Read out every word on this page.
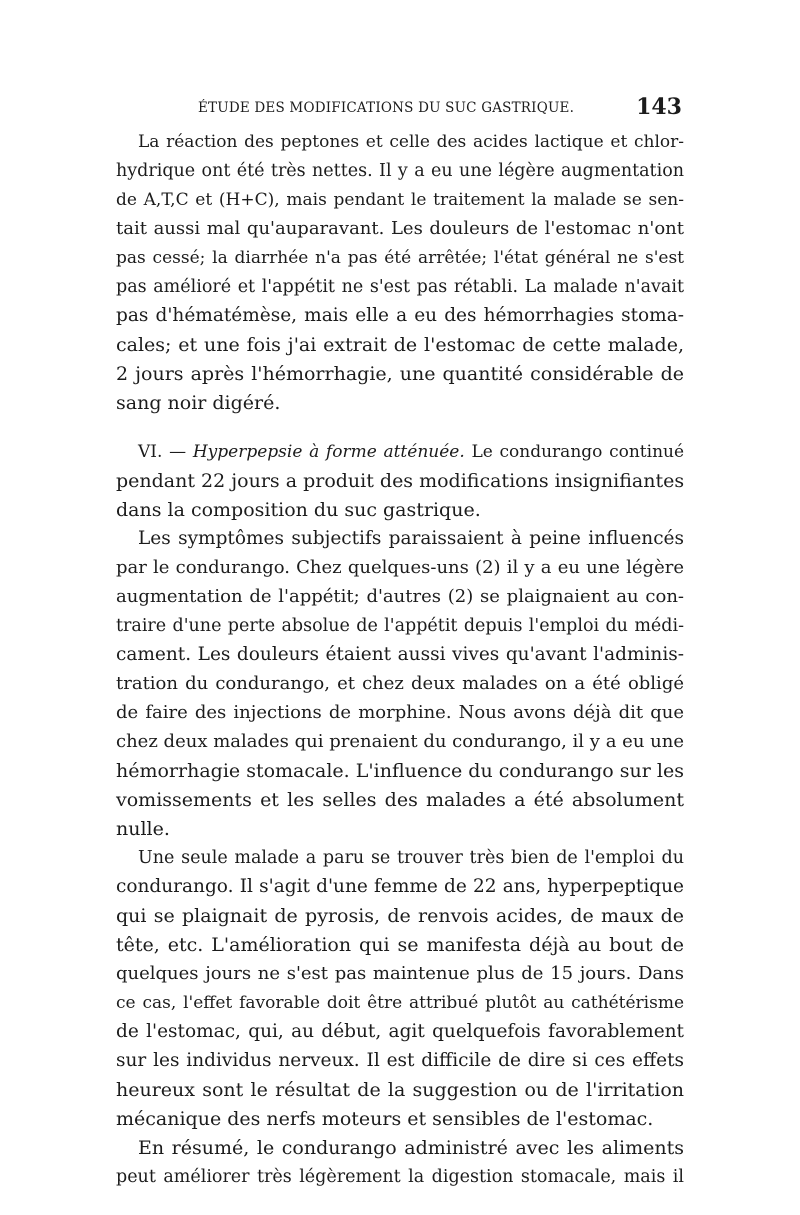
ÉTUDE DES MODIFICATIONS DU SUC GASTRIQUE.	143
La réaction des peptones et celle des acides lactique et chlor-
hydrique ont été très nettes. Il y a eu une légère augmentation
de A,T,C et (H+C), mais pendant le traitement la malade se sen-
tait aussi mal qu'auparavant. Les douleurs de l'estomac n'ont
pas cessé; la diarrhée n'a pas été arrêtée; l'état général ne s'est
pas amélioré et l'appétit ne s'est pas rétabli. La malade n'avait
pas d'hématémèse, mais elle a eu des hémorrhagies stoma-
cales; et une fois j'ai extrait de l'estomac de cette malade,
2 jours après l'hémorrhagie, une quantité considérable de
sang noir digéré.
VI. — Hyperpepsie à forme atténuée. Le condurango continué
pendant 22 jours a produit des modifications insignifiantes
dans la composition du suc gastrique.
Les symptômes subjectifs paraissaient à peine influencés
par le condurango. Chez quelques-uns (2) il y a eu une légère
augmentation de l'appétit; d'autres (2) se plaignaient au con-
traire d'une perte absolue de l'appétit depuis l'emploi du médi-
cament. Les douleurs étaient aussi vives qu'avant l'adminis-
tration du condurango, et chez deux malades on a été obligé
de faire des injections de morphine. Nous avons déjà dit que
chez deux malades qui prenaient du condurango, il y a eu une
hémorrhagie stomacale. L'influence du condurango sur les
vomissements et les selles des malades a été absolument
nulle.
Une seule malade a paru se trouver très bien de l'emploi du
condurango. Il s'agit d'une femme de 22 ans, hyperpeptique
qui se plaignait de pyrosis, de renvois acides, de maux de
tête, etc. L'amélioration qui se manifesta déjà au bout de
quelques jours ne s'est pas maintenue plus de 15 jours. Dans
ce cas, l'effet favorable doit être attribué plutôt au cathétérisme
de l'estomac, qui, au début, agit quelquefois favorablement
sur les individus nerveux. Il est difficile de dire si ces effets
heureux sont le résultat de la suggestion ou de l'irritation
mécanique des nerfs moteurs et sensibles de l'estomac.
En résumé, le condurango administré avec les aliments
peut améliorer très légèrement la digestion stomacale, mais il
